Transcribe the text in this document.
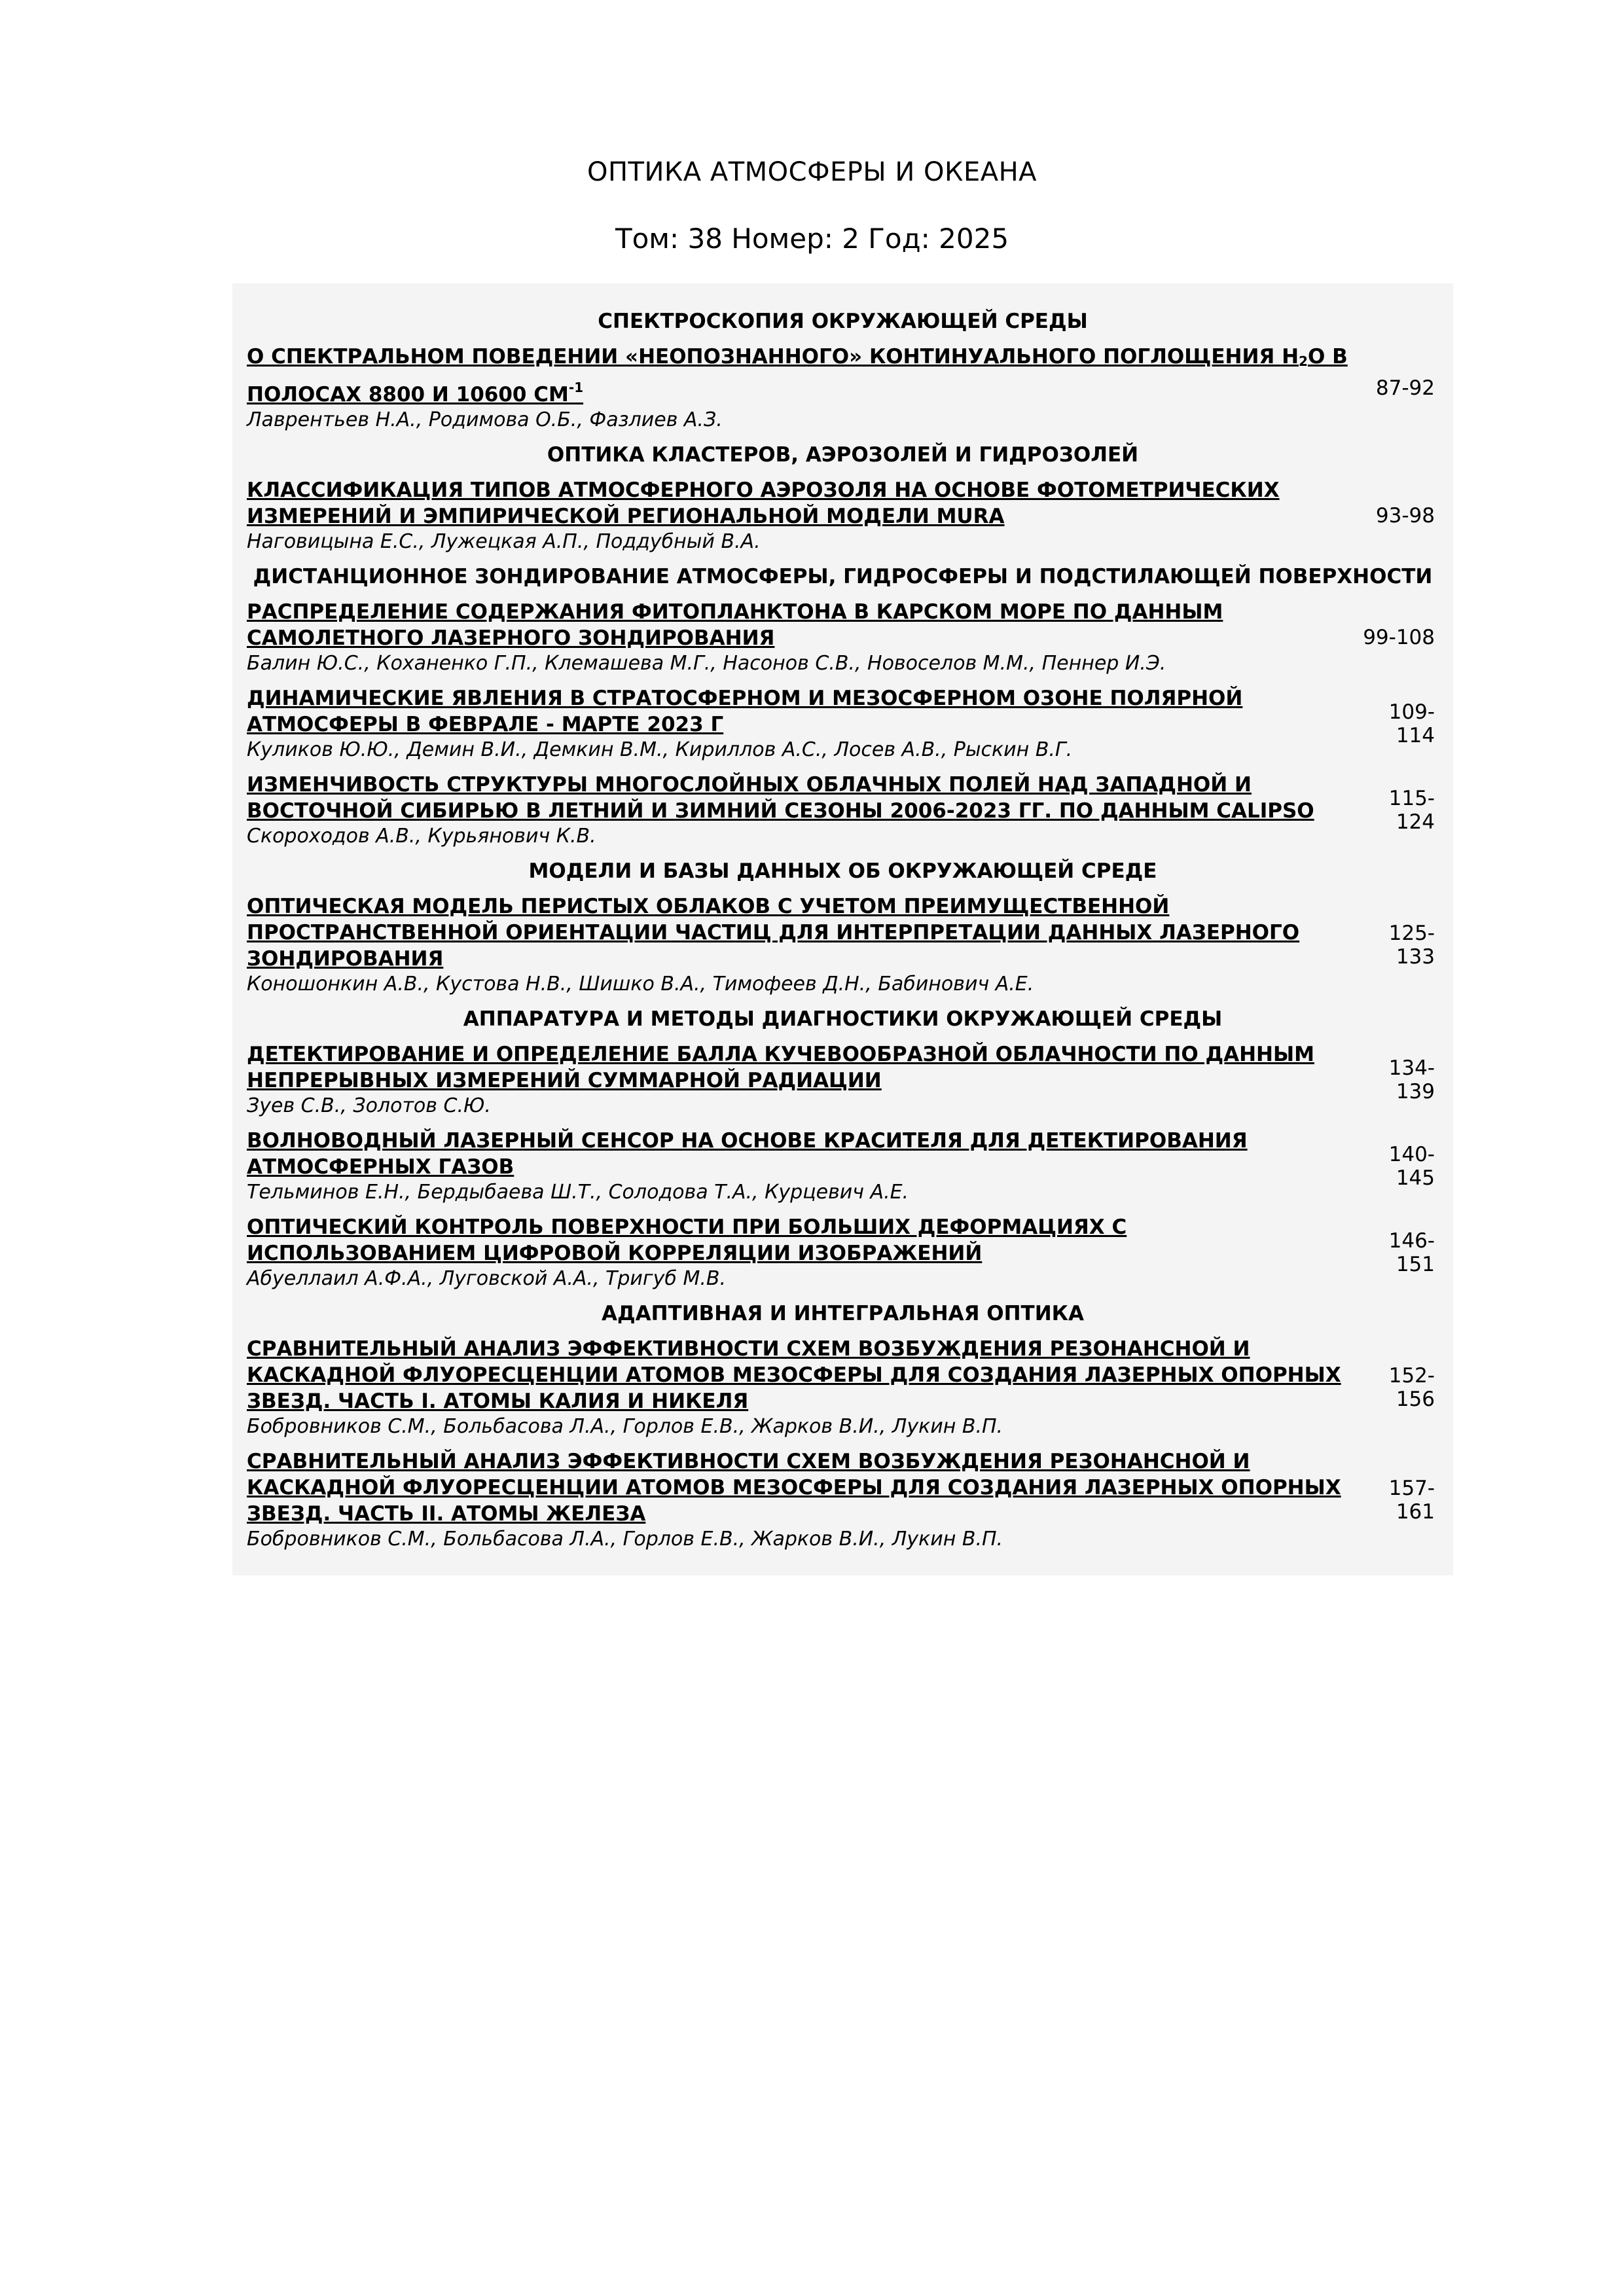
ОПТИКА АТМОСФЕРЫ И ОКЕАНА
Том: 38 Номер: 2 Год: 2025
СПЕКТРОСКОПИЯ ОКРУЖАЮЩЕЙ СРЕДЫ
О СПЕКТРАЛЬНОМ ПОВЕДЕНИИ «НЕОПОЗНАННОГО» КОНТИНУАЛЬНОГО ПОГЛОЩЕНИЯ $H_2O$ В ПОЛОСАХ 8800 И 10600 $СМ^{-1}$
Лаврентьев Н.А., Родимова О.Б., Фазлиев А.З.
87-92
ОПТИКА КЛАСТЕРОВ, АЭРОЗОЛЕЙ И ГИДРОЗОЛЕЙ
КЛАССИФИКАЦИЯ ТИПОВ АТМОСФЕРНОГО АЭРОЗОЛЯ НА ОСНОВЕ ФОТОМЕТРИЧЕСКИХ ИЗМЕРЕНИЙ И ЭМПИРИЧЕСКОЙ РЕГИОНАЛЬНОЙ МОДЕЛИ MURA
Наговицына Е.С., Лужецкая А.П., Поддубный В.А.
93-98
ДИСТАНЦИОННОЕ ЗОНДИРОВАНИЕ АТМОСФЕРЫ, ГИДРОСФЕРЫ И ПОДСТИЛАЮЩЕЙ ПОВЕРХНОСТИ
РАСПРЕДЕЛЕНИЕ СОДЕРЖАНИЯ ФИТОПЛАНКТОНА В КАРСКОМ МОРЕ ПО ДАННЫМ САМОЛЕТНОГО ЛАЗЕРНОГО ЗОНДИРОВАНИЯ
Балин Ю.С., Коханенко Г.П., Клемашева М.Г., Насонов С.В., Новоселов М.М., Пеннер И.Э.
99-108
ДИНАМИЧЕСКИЕ ЯВЛЕНИЯ В СТРАТОСФЕРНОМ И МЕЗОСФЕРНОМ ОЗОНЕ ПОЛЯРНОЙ АТМОСФЕРЫ В ФЕВРАЛЕ - МАРТЕ 2023 Г
Куликов Ю.Ю., Демин В.И., Демкин В.М., Кириллов А.С., Лосев А.В., Рыскин В.Г.
109-114
ИЗМЕНЧИВОСТЬ СТРУКТУРЫ МНОГОСЛОЙНЫХ ОБЛАЧНЫХ ПОЛЕЙ НАД ЗАПАДНОЙ И ВОСТОЧНОЙ СИБИРЬЮ В ЛЕТНИЙ И ЗИМНИЙ СЕЗОНЫ 2006-2023 ГГ. ПО ДАННЫМ CALIPSO
Скороходов А.В., Курьянович К.В.
115-124
МОДЕЛИ И БАЗЫ ДАННЫХ ОБ ОКРУЖАЮЩЕЙ СРЕДЕ
ОПТИЧЕСКАЯ МОДЕЛЬ ПЕРИСТЫХ ОБЛАКОВ С УЧЕТОМ ПРЕИМУЩЕСТВЕННОЙ ПРОСТРАНСТВЕННОЙ ОРИЕНТАЦИИ ЧАСТИЦ ДЛЯ ИНТЕРПРЕТАЦИИ ДАННЫХ ЛАЗЕРНОГО ЗОНДИРОВАНИЯ
Коношонкин А.В., Кустова Н.В., Шишко В.А., Тимофеев Д.Н., Бабинович А.Е.
125-133
АППАРАТУРА И МЕТОДЫ ДИАГНОСТИКИ ОКРУЖАЮЩЕЙ СРЕДЫ
ДЕТЕКТИРОВАНИЕ И ОПРЕДЕЛЕНИЕ БАЛЛА КУЧЕВООБРАЗНОЙ ОБЛАЧНОСТИ ПО ДАННЫМ НЕПРЕРЫВНЫХ ИЗМЕРЕНИЙ СУММАРНОЙ РАДИАЦИИ
Зуев С.В., Золотов С.Ю.
134-139
ВОЛНОВОДНЫЙ ЛАЗЕРНЫЙ СЕНСОР НА ОСНОВЕ КРАСИТЕЛЯ ДЛЯ ДЕТЕКТИРОВАНИЯ АТМОСФЕРНЫХ ГАЗОВ
Тельминов Е.Н., Бердыбаева Ш.Т., Солодова Т.А., Курцевич А.Е.
140-145
ОПТИЧЕСКИЙ КОНТРОЛЬ ПОВЕРХНОСТИ ПРИ БОЛЬШИХ ДЕФОРМАЦИЯХ С ИСПОЛЬЗОВАНИЕМ ЦИФРОВОЙ КОРРЕЛЯЦИИ ИЗОБРАЖЕНИЙ
Абуеллаил А.Ф.А., Луговской А.А., Тригуб М.В.
146-151
АДАПТИВНАЯ И ИНТЕГРАЛЬНАЯ ОПТИКА
СРАВНИТЕЛЬНЫЙ АНАЛИЗ ЭФФЕКТИВНОСТИ СХЕМ ВОЗБУЖДЕНИЯ РЕЗОНАНСНОЙ И КАСКАДНОЙ ФЛУОРЕСЦЕНЦИИ АТОМОВ МЕЗОСФЕРЫ ДЛЯ СОЗДАНИЯ ЛАЗЕРНЫХ ОПОРНЫХ ЗВЕЗД. ЧАСТЬ I. АТОМЫ КАЛИЯ И НИКЕЛЯ
Бобровников С.М., Больбасова Л.А., Горлов Е.В., Жарков В.И., Лукин В.П.
152-156
СРАВНИТЕЛЬНЫЙ АНАЛИЗ ЭФФЕКТИВНОСТИ СХЕМ ВОЗБУЖДЕНИЯ РЕЗОНАНСНОЙ И КАСКАДНОЙ ФЛУОРЕСЦЕНЦИИ АТОМОВ МЕЗОСФЕРЫ ДЛЯ СОЗДАНИЯ ЛАЗЕРНЫХ ОПОРНЫХ ЗВЕЗД. ЧАСТЬ II. АТОМЫ ЖЕЛЕЗА
Бобровников С.М., Больбасова Л.А., Горлов Е.В., Жарков В.И., Лукин В.П.
157-161
